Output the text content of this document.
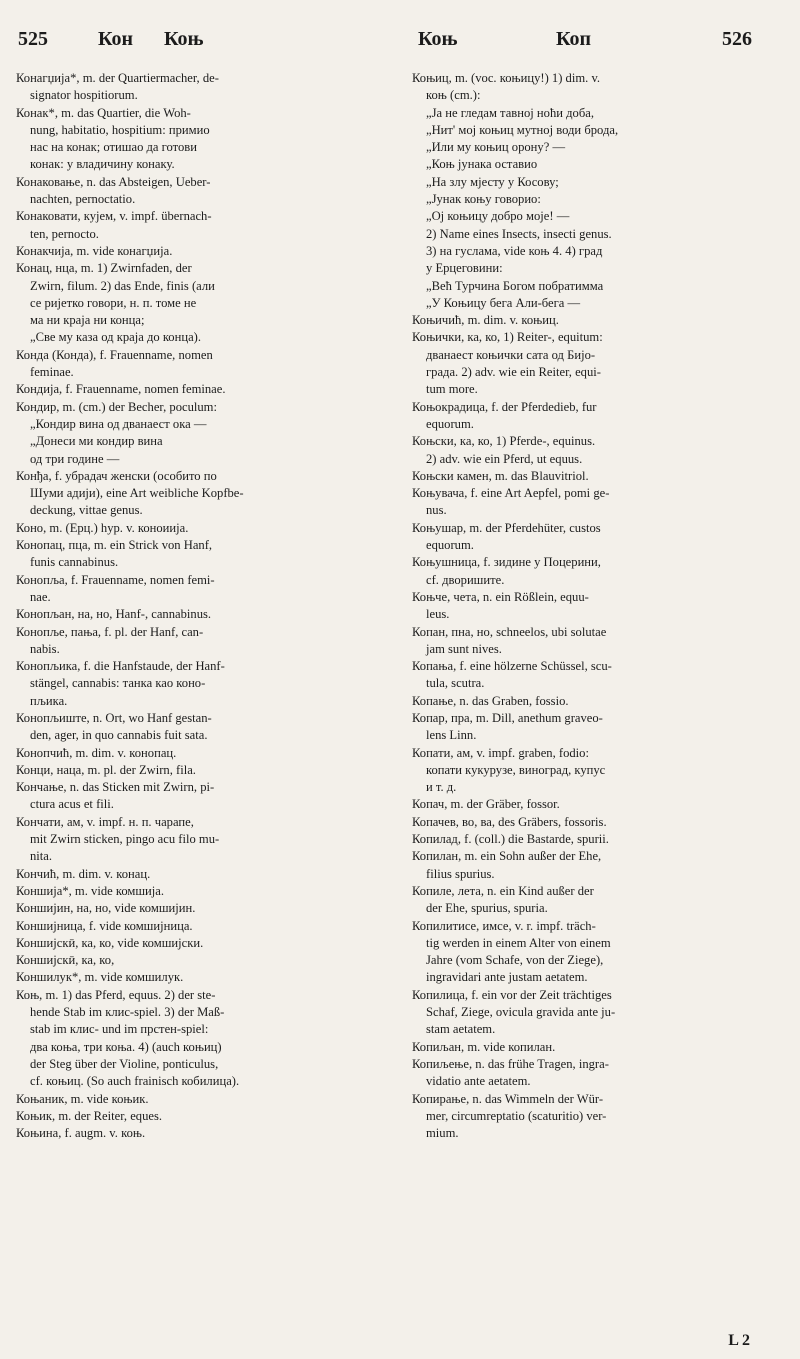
525	Кон Коњ	Коњ	Коп	526
Конагџија*, m. der Quartiermacher, de-
signator hospitiorum.
Конак*, m. das Quartier, die Woh-
nung, habitatio, hospitium: примио
нас на конак; отишао да готови
конак: у владичину конаку.
Конаковање, n. das Absteigen, Ueber-
nachten, pernoctatio.
Конаковати, кујем, v. impf. übernach-
ten, pernocto.
Конакчија, m. vide конагџија.
Конац, нца, m. 1) Zwirnfaden, der
Zwirn, filum. 2) das Ende, finis (али
се ријетко говори, н. п. томе не
ма ни краја ни конца;
„Све му каза од краја до конца).
Конда (Конда), f. Frauenname, nomen
feminae.
Кондија, f. Frauenname, nomen feminae.
Кондир, m. (cm.) der Becher, poculum:
„Кондир вина од дванаест ока —
„Донеси ми кондир вина
од три године —
Конђа, f. убрадач женски (особито по
Шуми адији), eine Art weibliche Kopfbe-
deckung, vittae genus.
Коно, m. (Ерц.) hyp. v. коноиија.
Конопац, пца, m. ein Strick von Hanf,
funis cannabinus.
Конопља, f. Frauenname, nomen femi-
nae.
Конопљан, на, но, Hanf-, cannabinus.
Конопље, пања, f. pl. der Hanf, can-
nabis.
Конопљика, f. die Hanfstaude, der Hanf-
stängel, cannabis: танка као коно-
пљика.
Конопљиште, n. Ort, wo Hanf gestan-
den, ager, in quo cannabis fuit sata.
Конопчић, m. dim. v. конопац.
Конци, наца, m. pl. der Zwirn, fila.
Кончање, n. das Sticken mit Zwirn, pi-
ctura acus et fili.
Кончати, ам, v. impf. н. п. чарапе,
mit Zwirn sticken, pingo acu filo mu-
nita.
Кончић, m. dim. v. конац.
Коншија*, m. vide комшија.
Коншијин, на, но, vide комшијин.
Коншијница, f. vide комшијница.
Коншијскӣ, ка, ко, vide комшијски.
Коншијскӣ, ка, ко,
Коншилук*, m. vide комшилук.
Коњ, m. 1) das Pferd, equus. 2) der ste-
hende Stab im клис-spiel. 3) der Maß-
stab im клис- und im прстен-spiel:
два коња, три коња. 4) (auch коњиц)
der Steg über der Violine, ponticulus,
cf. коњиц. (So auch frainisch кобилица).
Коњаник, m. vide коњик.
Коњик, m. der Reiter, eques.
Коњина, f. augm. v. коњ.
Коњиц, m. (voc. коњицу!) 1) dim. v.
коњ (cm.):
„Ја не гледам тавној ноћи доба,
„Нит' мој коњиц мутној води брода,
„Или му коњиц орону? —
„Коњ јунака оставио
„На злу мјесту у Косову;
„Јунак коњу говорио:
„Ој коњицу добро моје! —
2) Name eines Insects, insecti genus.
3) на гуслама, vide коњ 4. 4) град
у Ерцеговини:
„Већ Турчина Богом побратимма
„У Коњицу бега Али-бега —
Коњичић, m. dim. v. коњиц.
Коњички, ка, ко, 1) Reiter-, equitum:
дванаест коњички сата од Бијо-
града. 2) adv. wie ein Reiter, equi-
tum more.
Коњокрадица, f. der Pferdedieb, fur
equorum.
Коњски, ка, ко, 1) Pferde-, equinus.
2) adv. wie ein Pferd, ut equus.
Коњски камен, m. das Blauvitriol.
Коњувача, f. eine Art Aepfel, pomi ge-
nus.
Коњушар, m. der Pferdehüter, custos
equorum.
Коњушница, f. зидине у Поцерини,
cf. дворишите.
Коњче, чета, n. ein Rößlein, equu-
leus.
Копан, пна, но, schneelos, ubi solutae
jam sunt nives.
Копања, f. eine hölzerne Schüssel, scu-
tula, scutra.
Копање, n. das Graben, fossio.
Копар, пра, m. Dill, anethum graveo-
lens Linn.
Копати, ам, v. impf. graben, fodio:
копати кукурузе, виноград, купус
и т. д.
Копач, m. der Gräber, fossor.
Копачев, во, ва, des Gräbers, fossoris.
Копилад, f. (coll.) die Bastarde, spurii.
Копилан, m. ein Sohn außer der Ehe,
filius spurius.
Копиле, лета, n. ein Kind außer der
der Ehe, spurius, spuria.
Копилитисе, имсе, v. r. impf. träch-
tig werden in einem Alter von einem
Jahre (vom Schafe, von der Ziege),
ingravidari ante justam aetatem.
Копилица, f. ein vor der Zeit trächtiges
Schaf, Ziege, ovicula gravida ante ju-
stam aetatem.
Копиљан, m. vide копилан.
Копиљење, n. das frühe Tragen, ingra-
vidatio ante aetatem.
Копирање, n. das Wimmeln der Wür-
mer, circumreptatio (scaturitio) ver-
mium.
L 2
